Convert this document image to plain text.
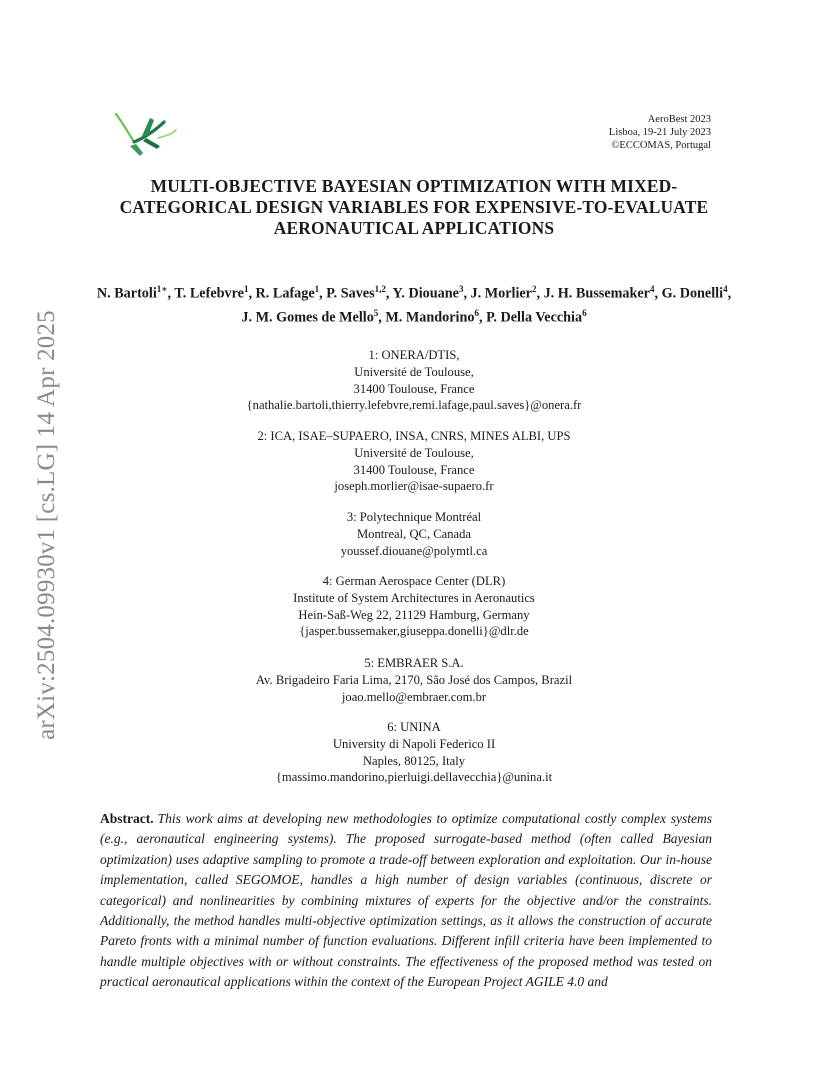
arXiv:2504.09930v1 [cs.LG] 14 Apr 2025
AeroBest 2023
Lisboa, 19-21 July 2023
©ECCOMAS, Portugal
MULTI-OBJECTIVE BAYESIAN OPTIMIZATION WITH MIXED-CATEGORICAL DESIGN VARIABLES FOR EXPENSIVE-TO-EVALUATE AERONAUTICAL APPLICATIONS
N. Bartoli$^{1∗}$, T. Lefebvre$^1$, R. Lafage$^1$, P. Saves$^{1,2}$, Y. Diouane$^3$, J. Morlier$^2$, J. H. Bussemaker$^4$, G. Donelli$^4$, J. M. Gomes de Mello$^5$, M. Mandorino$^6$, P. Della Vecchia$^6$
1: ONERA/DTIS,
Université de Toulouse,
31400 Toulouse, France
{nathalie.bartoli,thierry.lefebvre,remi.lafage,paul.saves}@onera.fr
2: ICA, ISAE–SUPAERO, INSA, CNRS, MINES ALBI, UPS
Université de Toulouse,
31400 Toulouse, France
joseph.morlier@isae-supaero.fr
3: Polytechnique Montréal
Montreal, QC, Canada
youssef.diouane@polymtl.ca
4: German Aerospace Center (DLR)
Institute of System Architectures in Aeronautics
Hein-Saß-Weg 22, 21129 Hamburg, Germany
{jasper.bussemaker,giuseppa.donelli}@dlr.de
5: EMBRAER S.A.
Av. Brigadeiro Faria Lima, 2170, São José dos Campos, Brazil
joao.mello@embraer.com.br
6: UNINA
University di Napoli Federico II
Naples, 80125, Italy
{massimo.mandorino,pierluigi.dellavecchia}@unina.it
Abstract. This work aims at developing new methodologies to optimize computational costly complex systems (e.g., aeronautical engineering systems). The proposed surrogate-based method (often called Bayesian optimization) uses adaptive sampling to promote a trade-off between exploration and exploitation. Our in-house implementation, called SEGOMOE, handles a high number of design variables (continuous, discrete or categorical) and nonlinearities by combining mixtures of experts for the objective and/or the constraints. Additionally, the method handles multi-objective optimization settings, as it allows the construction of accurate Pareto fronts with a minimal number of function evaluations. Different infill criteria have been implemented to handle multiple objectives with or without constraints. The effectiveness of the proposed method was tested on practical aeronautical applications within the context of the European Project AGILE 4.0 and
